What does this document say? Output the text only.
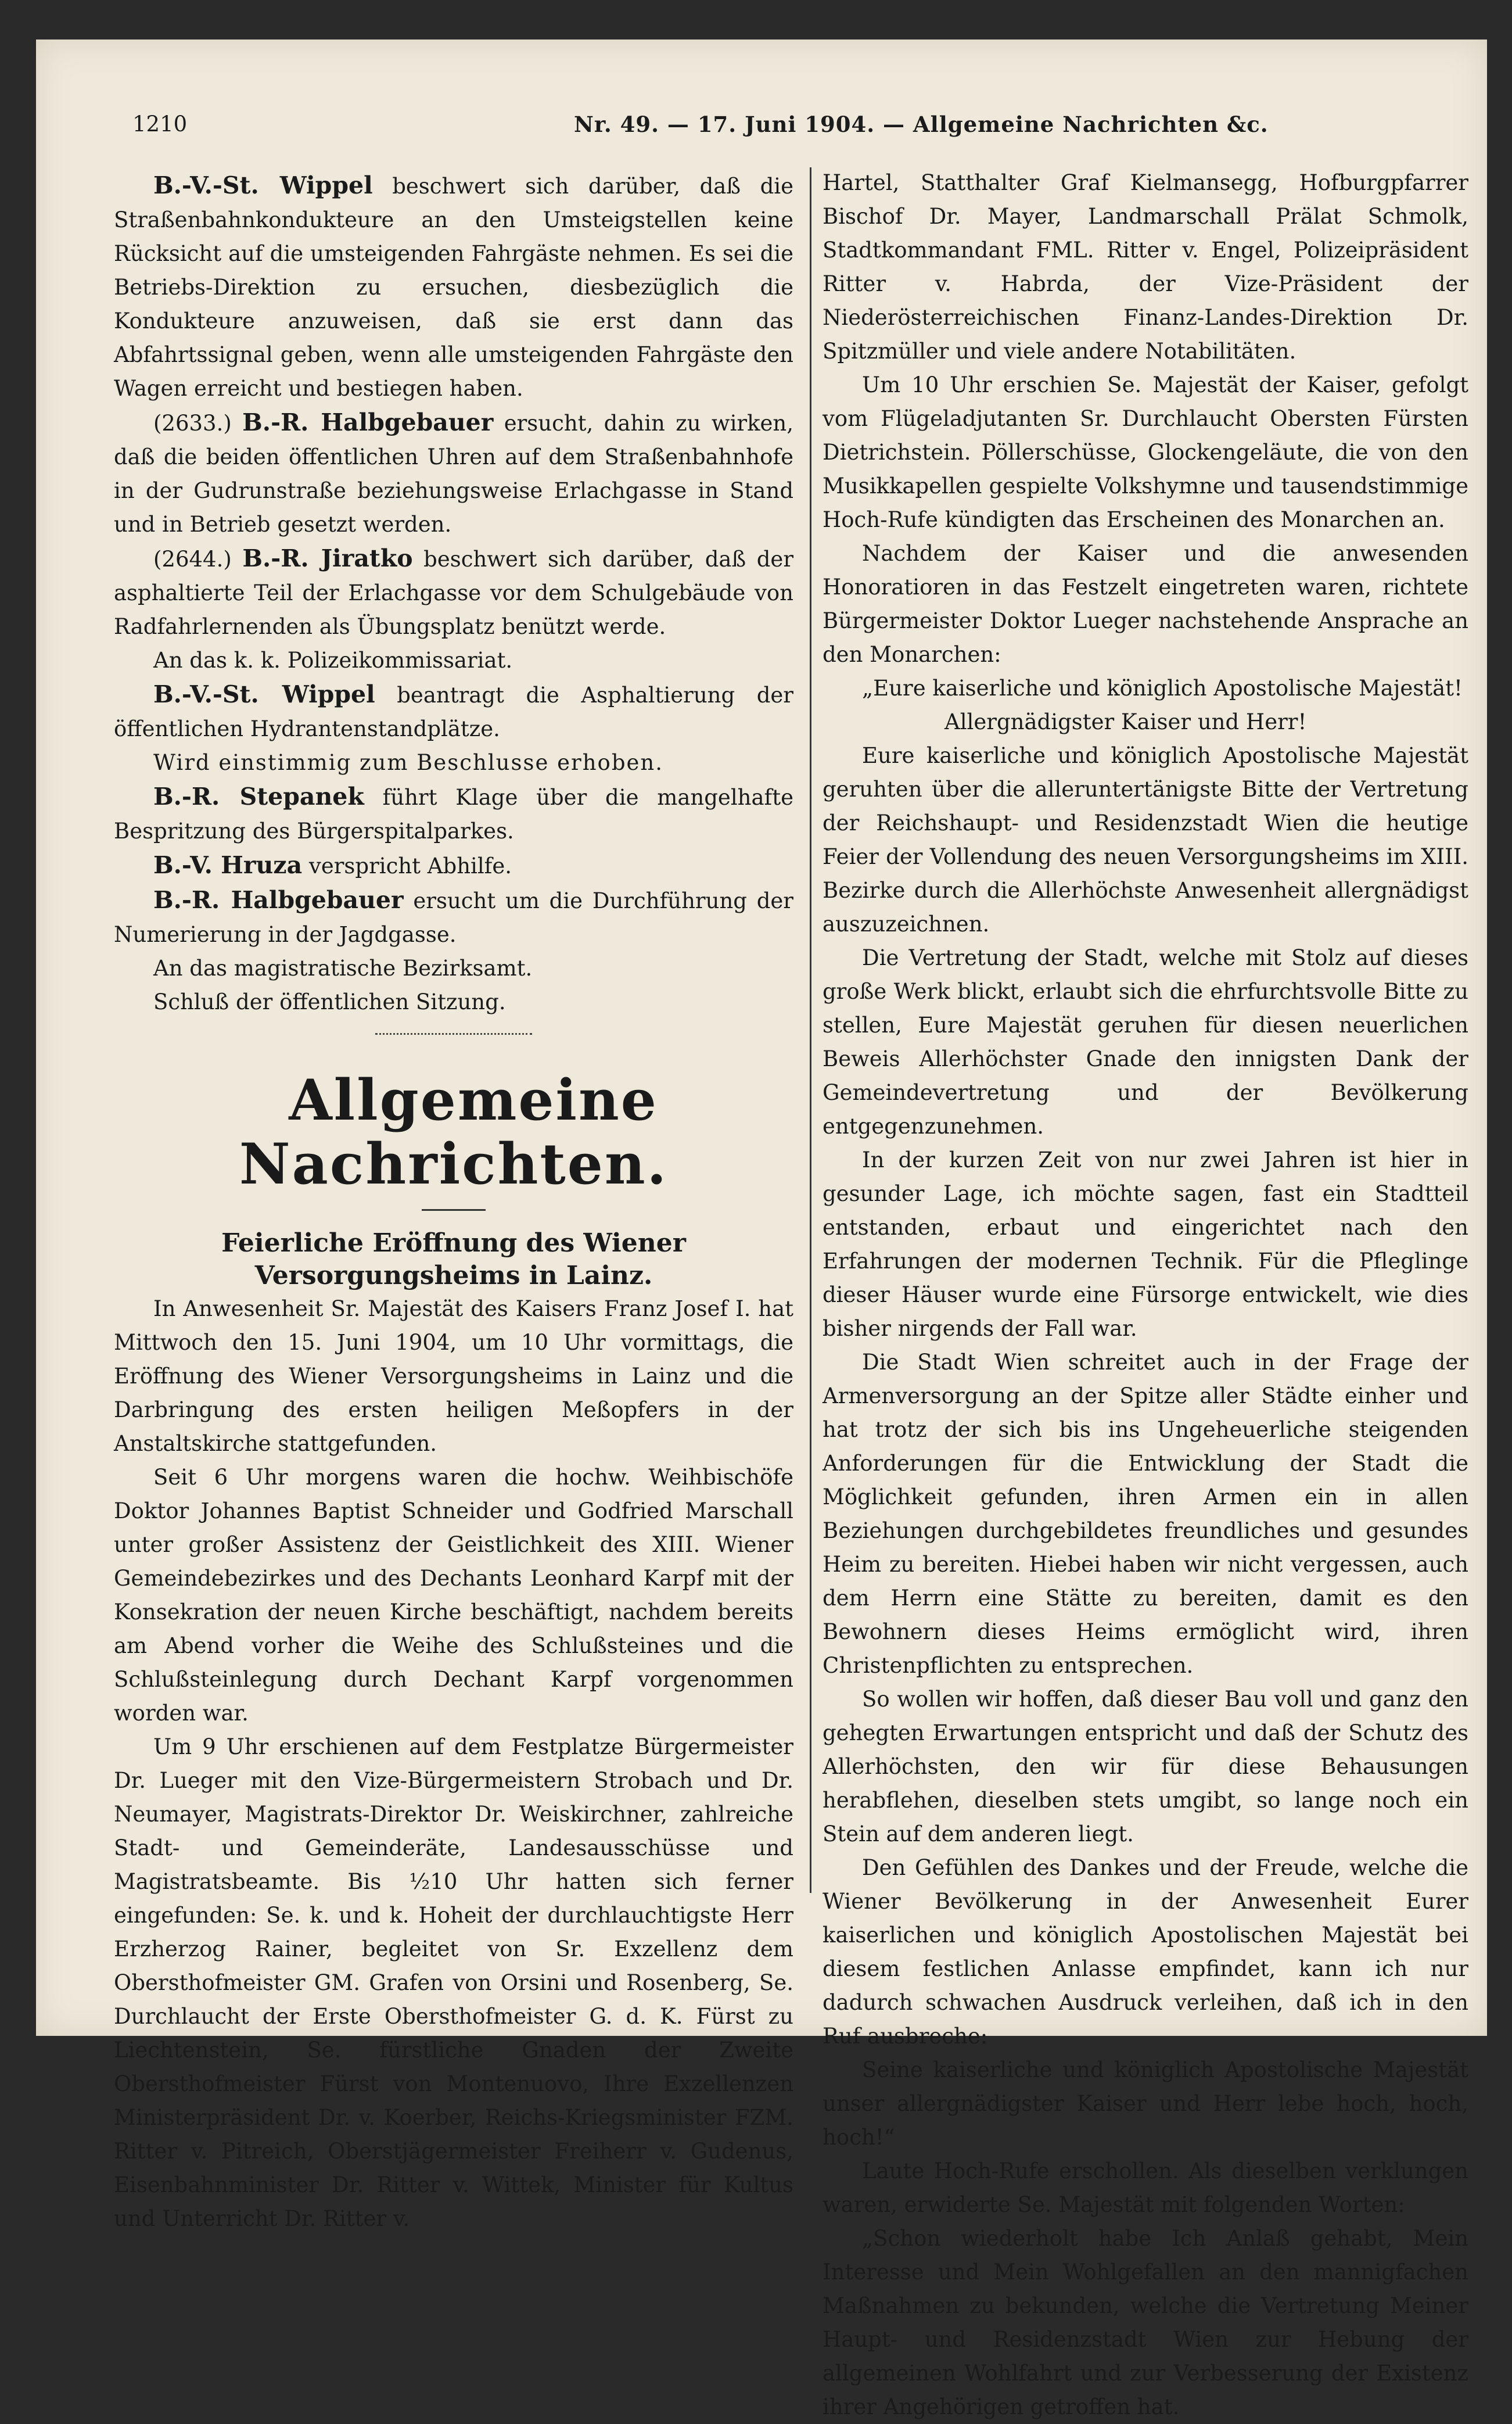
1210	Nr. 49. — 17. Juni 1904. — Allgemeine Nachrichten &c.

B.-V.-St. Wippel beschwert sich darüber, daß die Straßenbahnkondukteure an den Umsteigstellen keine Rücksicht auf die umsteigenden Fahrgäste nehmen. Es sei die Betriebs-Direktion zu ersuchen, diesbezüglich die Kondukteure anzuweisen, daß sie erst dann das Abfahrtssignal geben, wenn alle umsteigenden Fahrgäste den Wagen erreicht und bestiegen haben.

(2633.) B.-R. Halbgebauer ersucht, dahin zu wirken, daß die beiden öffentlichen Uhren auf dem Straßenbahnhofe in der Gudrunstraße beziehungsweise Erlachgasse in Stand und in Betrieb gesetzt werden.

(2644.) B.-R. Jiratko beschwert sich darüber, daß der asphaltierte Teil der Erlachgasse vor dem Schulgebäude von Radfahrlernenden als Übungsplatz benützt werde.

An das k. k. Polizeikommissariat.

B.-V.-St. Wippel beantragt die Asphaltierung der öffentlichen Hydrantenstandplätze.

Wird einstimmig zum Beschlusse erhoben.

B.-R. Stepanek führt Klage über die mangelhafte Bespritzung des Bürgerspitalparkes.

B.-V. Hruza verspricht Abhilfe.

B.-R. Halbgebauer ersucht um die Durchführung der Numerierung in der Jagdgasse.

An das magistratische Bezirksamt.

Schluß der öffentlichen Sitzung.

Allgemeine Nachrichten.

Feierliche Eröffnung des Wiener Versorgungsheims in Lainz.

In Anwesenheit Sr. Majestät des Kaisers Franz Josef I. hat Mittwoch den 15. Juni 1904, um 10 Uhr vormittags, die Eröffnung des Wiener Versorgungsheims in Lainz und die Darbringung des ersten heiligen Meßopfers in der Anstaltskirche stattgefunden.

Seit 6 Uhr morgens waren die hochw. Weihbischöfe Doktor Johannes Baptist Schneider und Godfried Marschall unter großer Assistenz der Geistlichkeit des XIII. Wiener Gemeindebezirkes und des Dechants Leonhard Karpf mit der Konsekration der neuen Kirche beschäftigt, nachdem bereits am Abend vorher die Weihe des Schlußsteines und die Schlußsteinlegung durch Dechant Karpf vorgenommen worden war.

Um 9 Uhr erschienen auf dem Festplatze Bürgermeister Dr. Lueger mit den Vize-Bürgermeistern Strobach und Dr. Neumayer, Magistrats-Direktor Dr. Weiskirchner, zahlreiche Stadt- und Gemeinderäte, Landesausschüsse und Magistratsbeamte. Bis ½10 Uhr hatten sich ferner eingefunden: Se. k. und k. Hoheit der durchlauchtigste Herr Erzherzog Rainer, begleitet von Sr. Exzellenz dem Obersthofmeister GM. Grafen von Orsini und Rosenberg, Se. Durchlaucht der Erste Obersthofmeister G. d. K. Fürst zu Liechtenstein, Se. fürstliche Gnaden der Zweite Obersthofmeister Fürst von Montenuovo, Ihre Exzellenzen Ministerpräsident Dr. v. Koerber, Reichs-Kriegsminister FZM. Ritter v. Pitreich, Oberstjägermeister Freiherr v. Gudenus, Eisenbahnminister Dr. Ritter v. Wittek, Minister für Kultus und Unterricht Dr. Ritter v.

Hartel, Statthalter Graf Kielmansegg, Hofburgpfarrer Bischof Dr. Mayer, Landmarschall Prälat Schmolk, Stadtkommandant FML. Ritter v. Engel, Polizeipräsident Ritter v. Habrda, der Vize-Präsident der Niederösterreichischen Finanz-Landes-Direktion Dr. Spitzmüller und viele andere Notabilitäten.

Um 10 Uhr erschien Se. Majestät der Kaiser, gefolgt vom Flügeladjutanten Sr. Durchlaucht Obersten Fürsten Dietrichstein. Pöllerschüsse, Glockengeläute, die von den Musikkapellen gespielte Volkshymne und tausendstimmige Hoch-Rufe kündigten das Erscheinen des Monarchen an.

Nachdem der Kaiser und die anwesenden Honoratioren in das Festzelt eingetreten waren, richtete Bürgermeister Doktor Lueger nachstehende Ansprache an den Monarchen:

„Eure kaiserliche und königlich Apostolische Majestät!

Allergnädigster Kaiser und Herr!

Eure kaiserliche und königlich Apostolische Majestät geruhten über die alleruntertänigste Bitte der Vertretung der Reichshaupt- und Residenzstadt Wien die heutige Feier der Vollendung des neuen Versorgungsheims im XIII. Bezirke durch die Allerhöchste Anwesenheit allergnädigst auszuzeichnen.

Die Vertretung der Stadt, welche mit Stolz auf dieses große Werk blickt, erlaubt sich die ehrfurchtsvolle Bitte zu stellen, Eure Majestät geruhen für diesen neuerlichen Beweis Allerhöchster Gnade den innigsten Dank der Gemeindevertretung und der Bevölkerung entgegenzunehmen.

In der kurzen Zeit von nur zwei Jahren ist hier in gesunder Lage, ich möchte sagen, fast ein Stadtteil entstanden, erbaut und eingerichtet nach den Erfahrungen der modernen Technik. Für die Pfleglinge dieser Häuser wurde eine Fürsorge entwickelt, wie dies bisher nirgends der Fall war.

Die Stadt Wien schreitet auch in der Frage der Armenversorgung an der Spitze aller Städte einher und hat trotz der sich bis ins Ungeheuerliche steigenden Anforderungen für die Entwicklung der Stadt die Möglichkeit gefunden, ihren Armen ein in allen Beziehungen durchgebildetes freundliches und gesundes Heim zu bereiten. Hiebei haben wir nicht vergessen, auch dem Herrn eine Stätte zu bereiten, damit es den Bewohnern dieses Heims ermöglicht wird, ihren Christenpflichten zu entsprechen.

So wollen wir hoffen, daß dieser Bau voll und ganz den gehegten Erwartungen entspricht und daß der Schutz des Allerhöchsten, den wir für diese Behausungen herabflehen, dieselben stets umgibt, so lange noch ein Stein auf dem anderen liegt.

Den Gefühlen des Dankes und der Freude, welche die Wiener Bevölkerung in der Anwesenheit Eurer kaiserlichen und königlich Apostolischen Majestät bei diesem festlichen Anlasse empfindet, kann ich nur dadurch schwachen Ausdruck verleihen, daß ich in den Ruf ausbreche:

Seine kaiserliche und königlich Apostolische Majestät unser allergnädigster Kaiser und Herr lebe hoch, hoch, hoch!“

Laute Hoch-Rufe erschollen. Als dieselben verklungen waren, erwiderte Se. Majestät mit folgenden Worten:

„Schon wiederholt habe Ich Anlaß gehabt, Mein Interesse und Mein Wohlgefallen an den mannigfachen Maßnahmen zu bekunden, welche die Vertretung Meiner Haupt- und Residenzstadt Wien zur Hebung der allgemeinen Wohlfahrt und zur Verbesserung der Existenz ihrer Angehörigen getroffen hat.
